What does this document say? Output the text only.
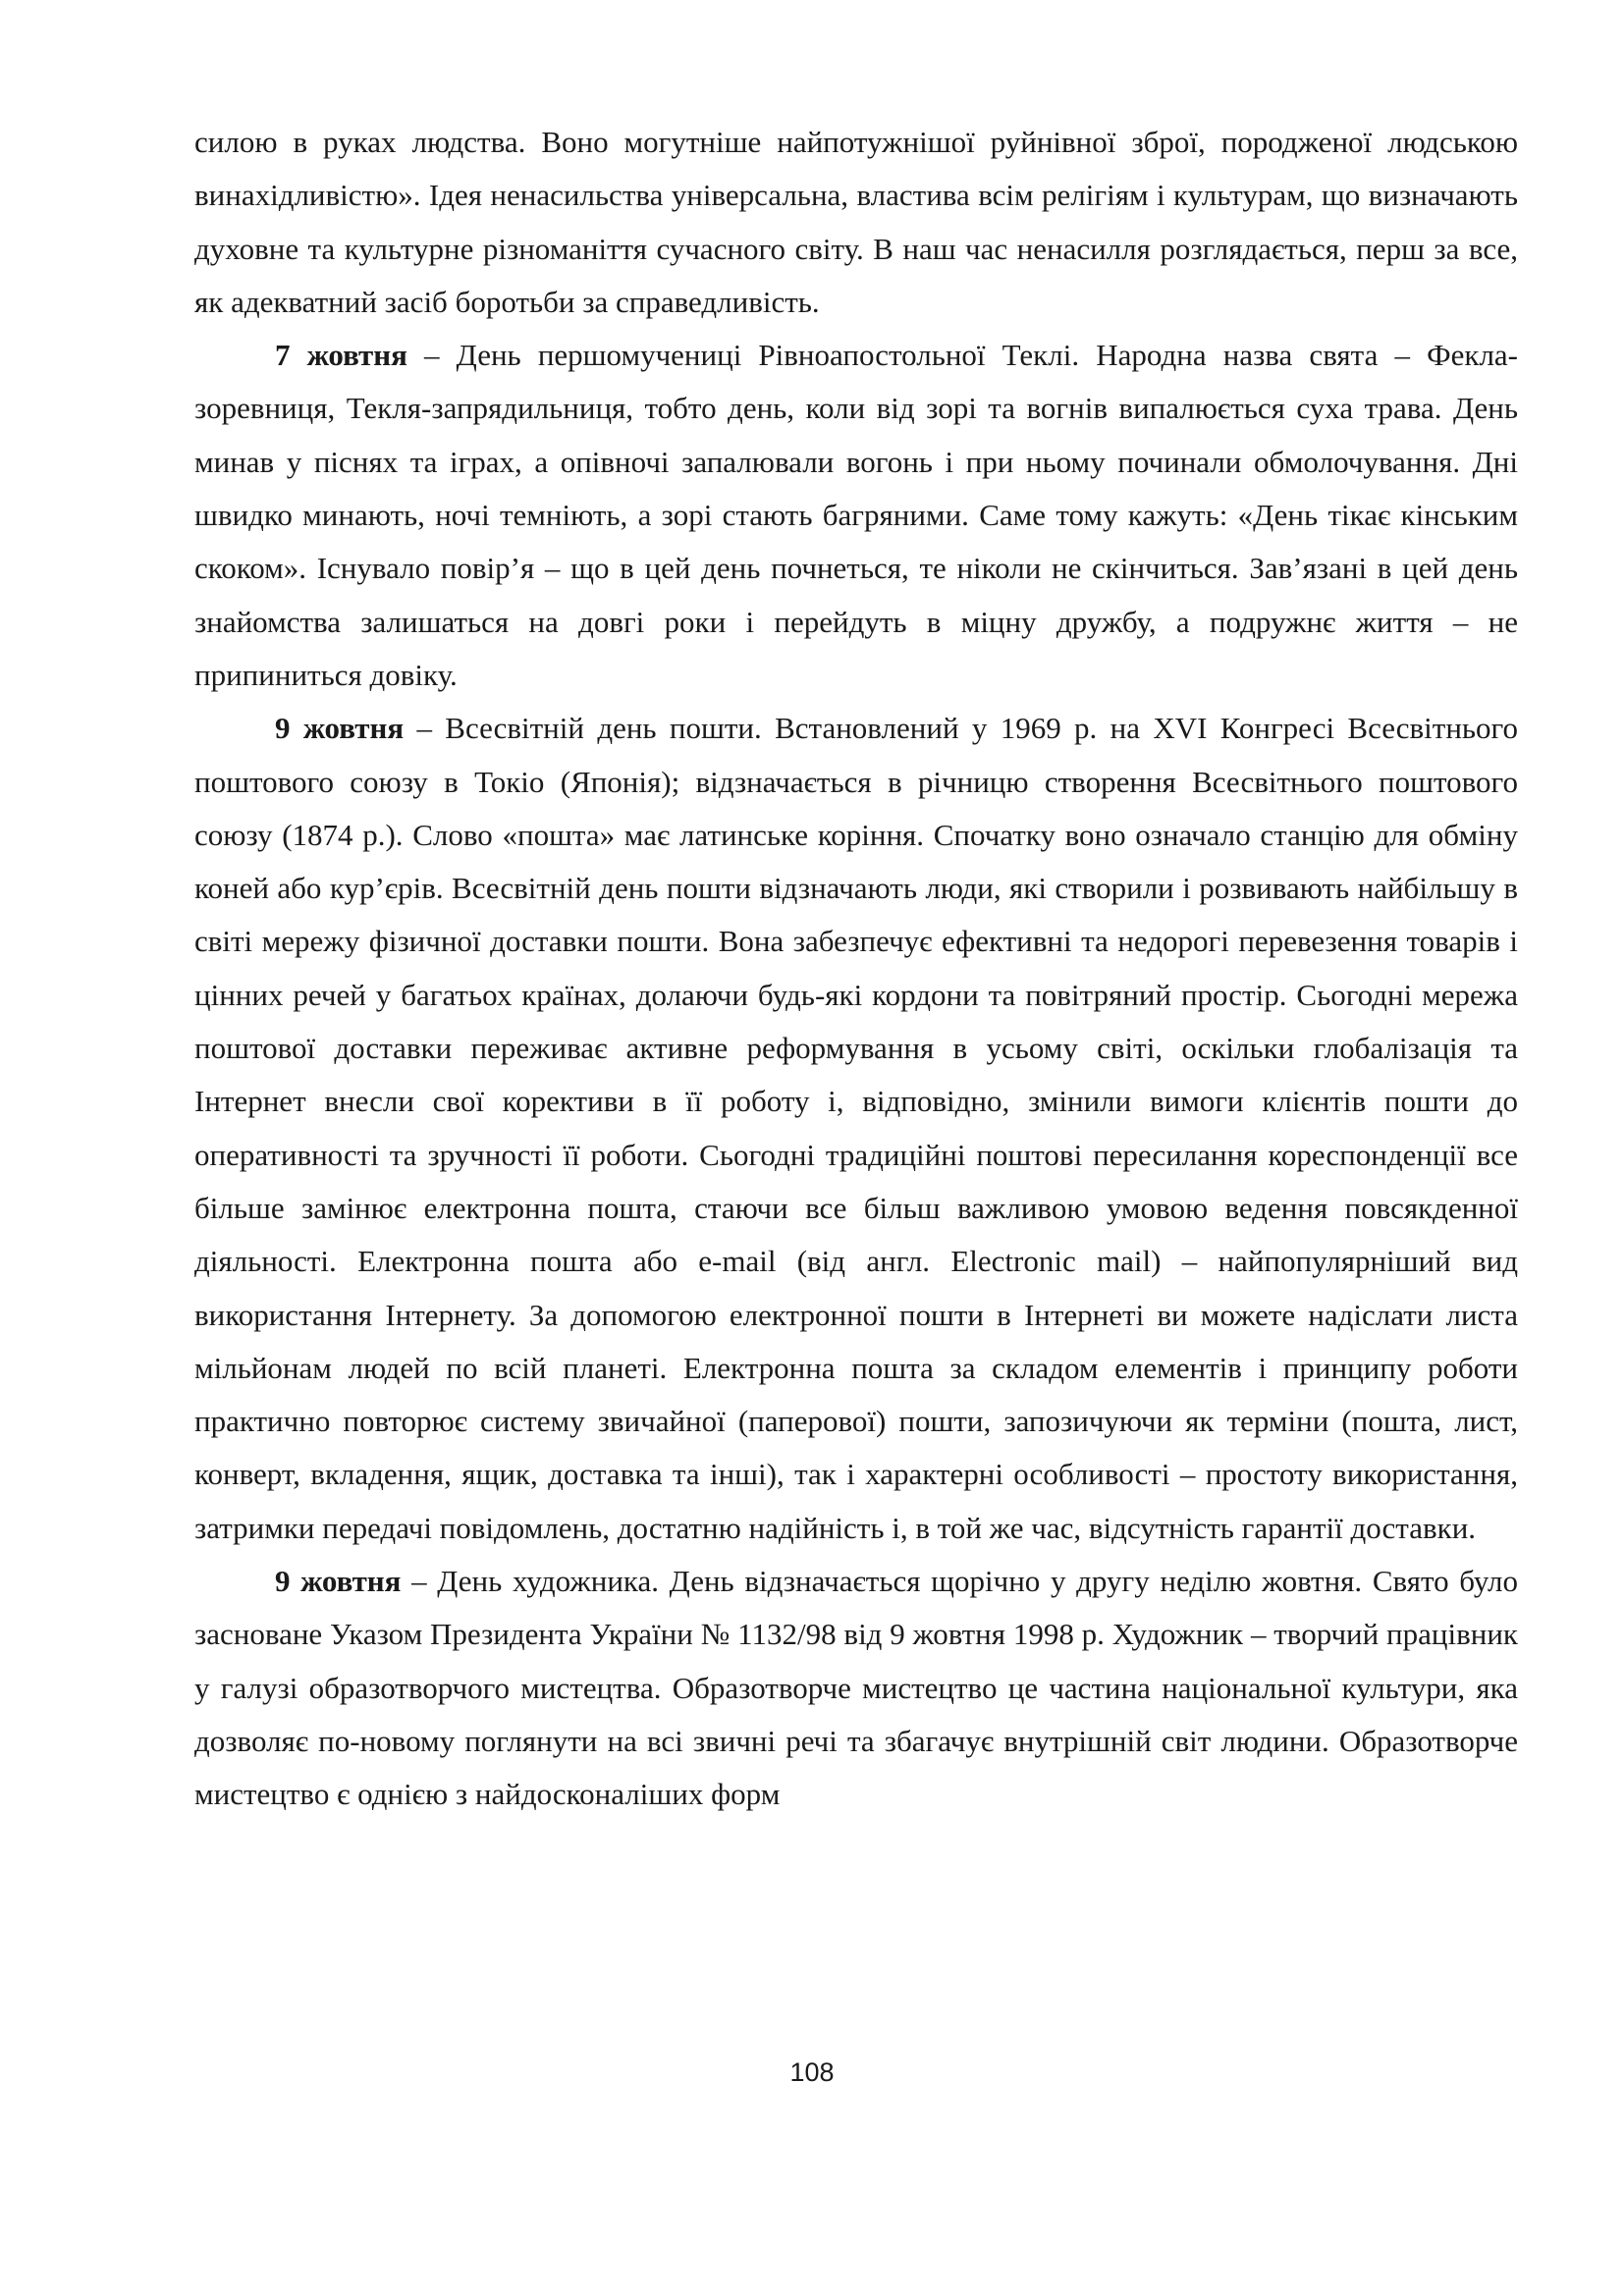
силою в руках людства. Воно могутніше найпотужнішої руйнівної зброї, породженої людською винахідливістю». Ідея ненасильства універсальна, властива всім релігіям і культурам, що визначають духовне та культурне різноманіття сучасного світу. В наш час ненасилля розглядається, перш за все, як адекватний засіб боротьби за справедливість.

7 жовтня – День першомучениці Рівноапостольної Теклі. Народна назва свята – Фекла-зоревниця, Текля-запрядильниця, тобто день, коли від зорі та вогнів випалюється суха трава. День минав у піснях та іграх, а опівночі запалювали вогонь і при ньому починали обмолочування. Дні швидко минають, ночі темніють, а зорі стають багряними. Саме тому кажуть: «День тікає кінським скоком». Існувало повір’я – що в цей день почнеться, те ніколи не скінчиться. Зав’язані в цей день знайомства залишаться на довгі роки і перейдуть в міцну дружбу, а подружнє життя – не припиниться довіку.

9 жовтня – Всесвітній день пошти. Встановлений у 1969 р. на XVI Конгресі Всесвітнього поштового союзу в Токіо (Японія); відзначається в річницю створення Всесвітнього поштового союзу (1874 р.). Слово «пошта» має латинське коріння. Спочатку воно означало станцію для обміну коней або кур’єрів. Всесвітній день пошти відзначають люди, які створили і розвивають найбільшу в світі мережу фізичної доставки пошти. Вона забезпечує ефективні та недорогі перевезення товарів і цінних речей у багатьох країнах, долаючи будь-які кордони та повітряний простір. Сьогодні мережа поштової доставки переживає активне реформування в усьому світі, оскільки глобалізація та Інтернет внесли свої корективи в її роботу і, відповідно, змінили вимоги клієнтів пошти до оперативності та зручності її роботи. Сьогодні традиційні поштові пересилання кореспонденції все більше замінює електронна пошта, стаючи все більш важливою умовою ведення повсякденної діяльності. Електронна пошта або e-mail (від англ. Electronic mail) – найпопулярніший вид використання Інтернету. За допомогою електронної пошти в Інтернеті ви можете надіслати листа мільйонам людей по всій планеті. Електронна пошта за складом елементів і принципу роботи практично повторює систему звичайної (паперової) пошти, запозичуючи як терміни (пошта, лист, конверт, вкладення, ящик, доставка та інші), так і характерні особливості – простоту використання, затримки передачі повідомлень, достатню надійність і, в той же час, відсутність гарантії доставки.

9 жовтня – День художника. День відзначається щорічно у другу неділю жовтня. Свято було засноване Указом Президента України № 1132/98 від 9 жовтня 1998 р. Художник – творчий працівник у галузі образотворчого мистецтва. Образотворче мистецтво це частина національної культури, яка дозволяє по-новому поглянути на всі звичні речі та збагачує внутрішній світ людини. Образотворче мистецтво є однією з найдосконаліших форм

108
